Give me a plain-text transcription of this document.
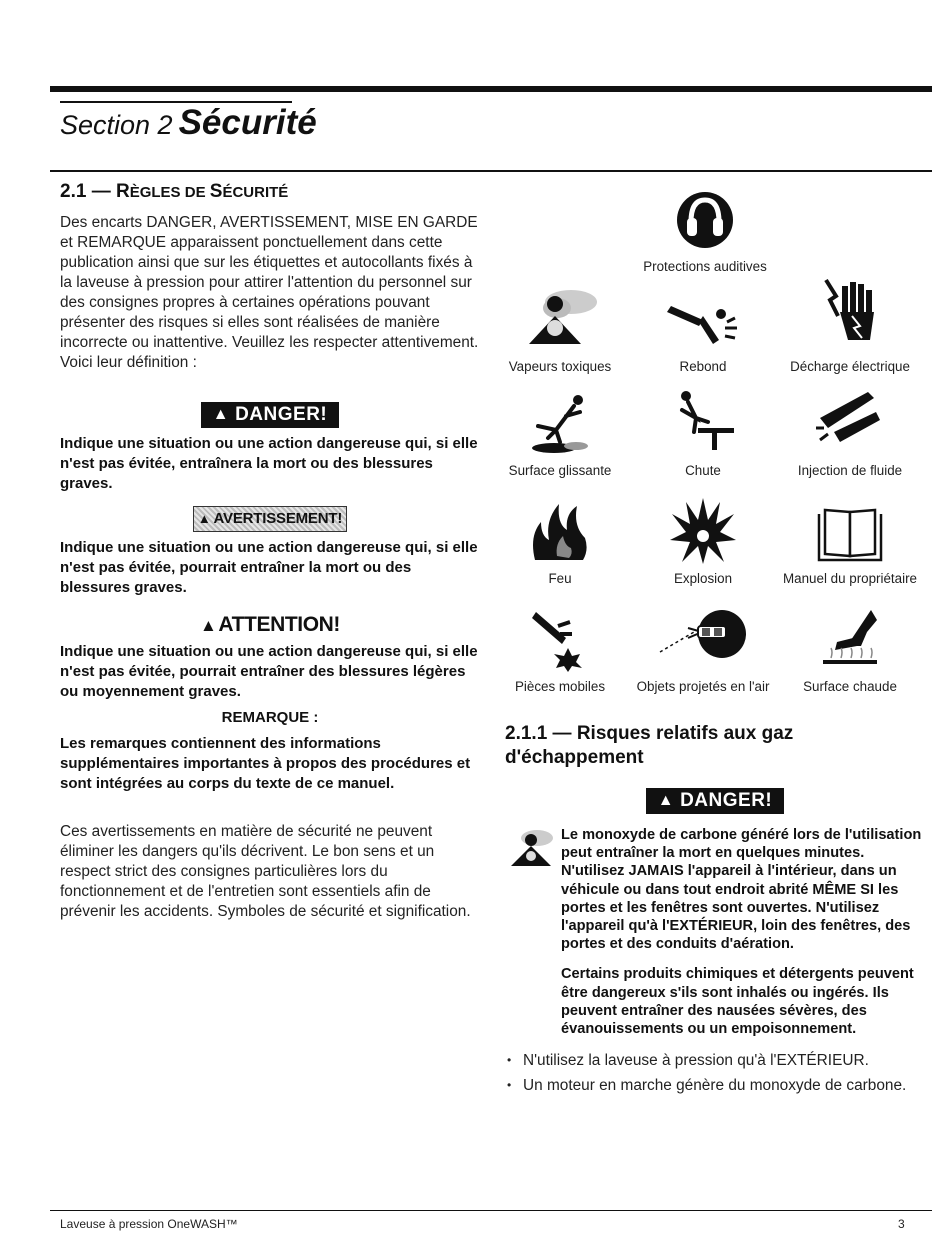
Section 2 Sécurité
2.1 — RÈGLES DE SÉCURITÉ

Des encarts DANGER, AVERTISSEMENT, MISE EN GARDE et REMARQUE apparaissent ponctuellement dans cette publication ainsi que sur les étiquettes et autocollants fixés à la laveuse à pression pour attirer l'attention du personnel sur des consignes propres à certaines opérations pouvant présenter des risques si elles sont réalisées de manière incorrecte ou inattentive. Veuillez les respecter attentivement. Voici leur définition :

▲ DANGER!

Indique une situation ou une action dangereuse qui, si elle n'est pas évitée, entraînera la mort ou des blessures graves.

▲ AVERTISSEMENT!

Indique une situation ou une action dangereuse qui, si elle n'est pas évitée, pourrait entraîner la mort ou des blessures graves.

▲ATTENTION!

Indique une situation ou une action dangereuse qui, si elle n'est pas évitée, pourrait entraîner des blessures légères ou moyennement graves.

REMARQUE :

Les remarques contiennent des informations supplémentaires importantes à propos des procédures et sont intégrées au corps du texte de ce manuel.

Ces avertissements en matière de sécurité ne peuvent éliminer les dangers qu'ils décrivent. Le bon sens et un respect strict des consignes particulières lors du fonctionnement et de l'entretien sont essentiels afin de prévenir les accidents. Symboles de sécurité et signification.

Protections auditives
Vapeurs toxiques	Rebond	Décharge électrique
Surface glissante	Chute	Injection de fluide
Feu	Explosion	Manuel du propriétaire
Pièces mobiles	Objets projetés en l'air	Surface chaude
2.1.1 — Risques relatifs aux gaz d'échappement
▲ DANGER!

Le monoxyde de carbone généré lors de l'utilisation peut entraîner la mort en quelques minutes. N'utilisez JAMAIS l'appareil à l'intérieur, dans un véhicule ou dans tout endroit abrité MÊME SI les portes et les fenêtres sont ouvertes. N'utilisez l'appareil qu'à l'EXTÉRIEUR, loin des fenêtres, des portes et des conduits d'aération.

Certains produits chimiques et détergents peuvent être dangereux s'ils sont inhalés ou ingérés. Ils peuvent entraîner des nausées sévères, des évanouissements ou un empoisonnement.

• N'utilisez la laveuse à pression qu'à l'EXTÉRIEUR.
• Un moteur en marche génère du monoxyde de carbone.
Laveuse à pression OneWASH™	3
